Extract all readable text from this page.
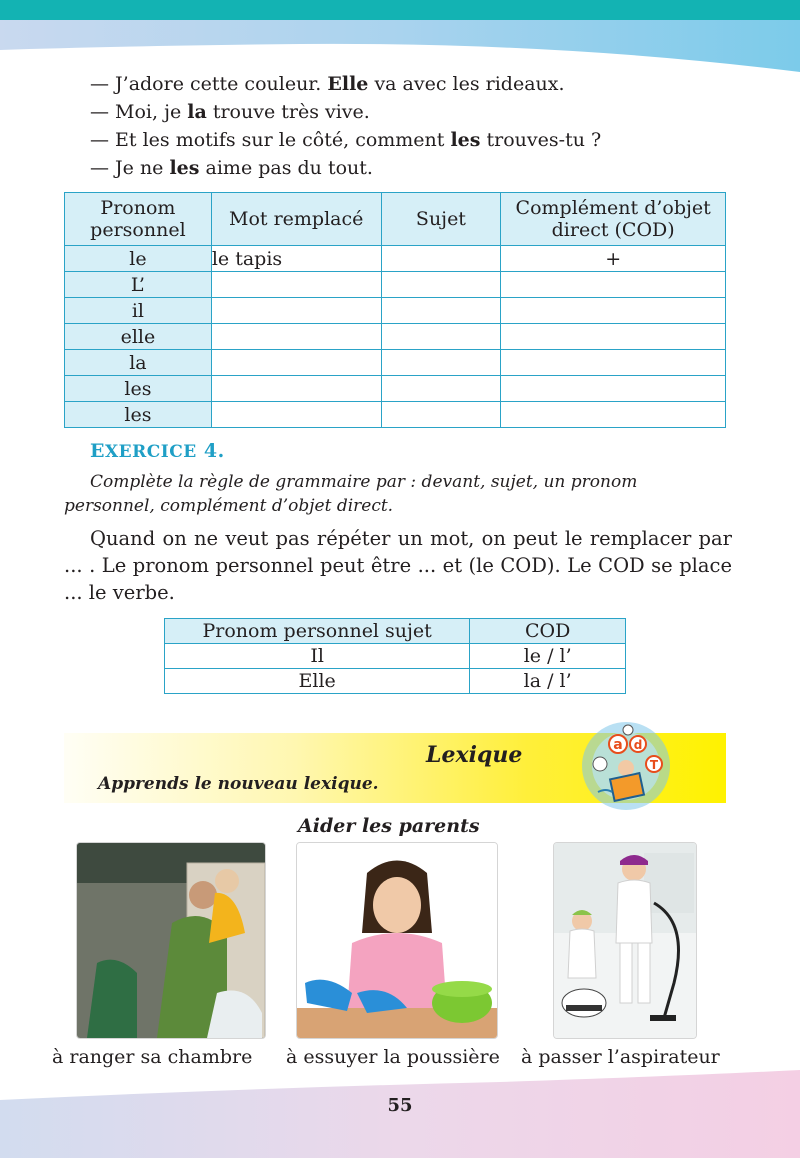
— J’adore cette couleur. Elle va avec les rideaux.
— Moi, je la trouve très vive.
— Et les motifs sur le côté, comment les trouves-tu ?
— Je ne les aime pas du tout.
Pronom personnel	Mot remplacé	Sujet	Complément d’objet direct (COD)
le	le tapis		+
L’			
il			
elle			
la			
les			
les			
EXERCICE 4.
Complète la règle de grammaire par : devant, sujet, un pronom personnel, complément d’objet direct.
Quand on ne veut pas répéter un mot, on peut le remplacer par ... . Le pronom personnel peut être ... et (le COD). Le COD se place ... le verbe.
Pronom personnel sujet	COD
Il	le / l’
Elle	la / l’
Lexique
Apprends le nouveau lexique.
a d
T
Aider les parents
à ranger sa chambre à essuyer la poussière à passer l’aspirateur
55
